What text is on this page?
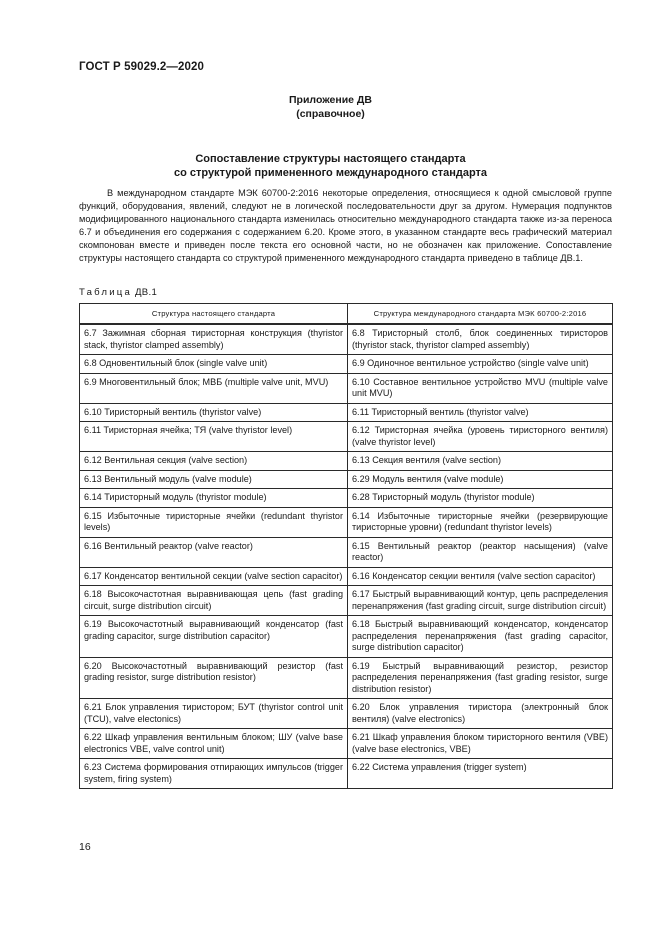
ГОСТ Р 59029.2—2020
Приложение ДВ
(справочное)
Сопоставление структуры настоящего стандарта
со структурой примененного международного стандарта

В международном стандарте МЭК 60700-2:2016 некоторые определения, относящиеся к одной смысловой группе функций, оборудования, явлений, следуют не в логической последовательности друг за другом. Нумерация подпунктов модифицированного национального стандарта изменилась относительно международного стандарта также из-за переноса 6.7 и объединения его содержания с содержанием 6.20. Кроме этого, в указанном стандарте весь графический материал скомпонован вместе и приведен после текста его основной части, но не обозначен как приложение. Сопоставление структуры настоящего стандарта со структурой примененного международного стандарта приведено в таблице ДВ.1.

Таблица ДВ.1
Структура настоящего стандарта	Структура международного стандарта МЭК 60700-2:2016
6.7 Зажимная сборная тиристорная конструкция (thyristor stack, thyristor clamped assembly)	6.8 Тиристорный столб, блок соединенных тиристоров (thyristor stack, thyristor clamped assembly)
6.8 Одновентильный блок (single valve unit)	6.9 Одиночное вентильное устройство (single valve unit)
6.9 Многовентильный блок; МВБ (multiple valve unit, MVU)	6.10 Составное вентильное устройство MVU (multiple valve unit MVU)
6.10 Тиристорный вентиль (thyristor valve)	6.11 Тиристорный вентиль (thyristor valve)
6.11 Тиристорная ячейка; ТЯ (valve thyristor level)	6.12 Тиристорная ячейка (уровень тиристорного вентиля) (valve thyristor level)
6.12 Вентильная секция (valve section)	6.13 Секция вентиля (valve section)
6.13 Вентильный модуль (valve module)	6.29 Модуль вентиля (valve module)
6.14 Тиристорный модуль (thyristor module)	6.28 Тиристорный модуль (thyristor module)
6.15 Избыточные тиристорные ячейки (redundant thyristor levels)	6.14 Избыточные тиристорные ячейки (резервирующие тиристорные уровни) (redundant thyristor levels)
6.16 Вентильный реактор (valve reactor)	6.15 Вентильный реактор (реактор насыщения) (valve reactor)
6.17 Конденсатор вентильной секции (valve section capacitor)	6.16 Конденсатор секции вентиля (valve section capacitor)
6.18 Высокочастотная выравнивающая цепь (fast grading circuit, surge distribution circuit)	6.17 Быстрый выравнивающий контур, цепь распределения перенапряжения (fast grading circuit, surge distribution circuit)
6.19 Высокочастотный выравнивающий конденсатор (fast grading capacitor, surge distribution capacitor)	6.18 Быстрый выравнивающий конденсатор, конденсатор распределения перенапряжения (fast grading capacitor, surge distribution capacitor)
6.20 Высокочастотный выравнивающий резистор (fast grading resistor, surge distribution resistor)	6.19 Быстрый выравнивающий резистор, резистор распределения перенапряжения (fast grading resistor, surge distribution resistor)
6.21 Блок управления тиристором; БУТ (thyristor control unit (TCU), valve electonics)	6.20 Блок управления тиристора (электронный блок вентиля) (valve electronics)
6.22 Шкаф управления вентильным блоком; ШУ (valve base electronics VBE, valve control unit)	6.21 Шкаф управления блоком тиристорного вентиля (VBE) (valve base electronics, VBE)
6.23 Система формирования отпирающих импульсов (trigger system, firing system)	6.22 Система управления (trigger system)
16
